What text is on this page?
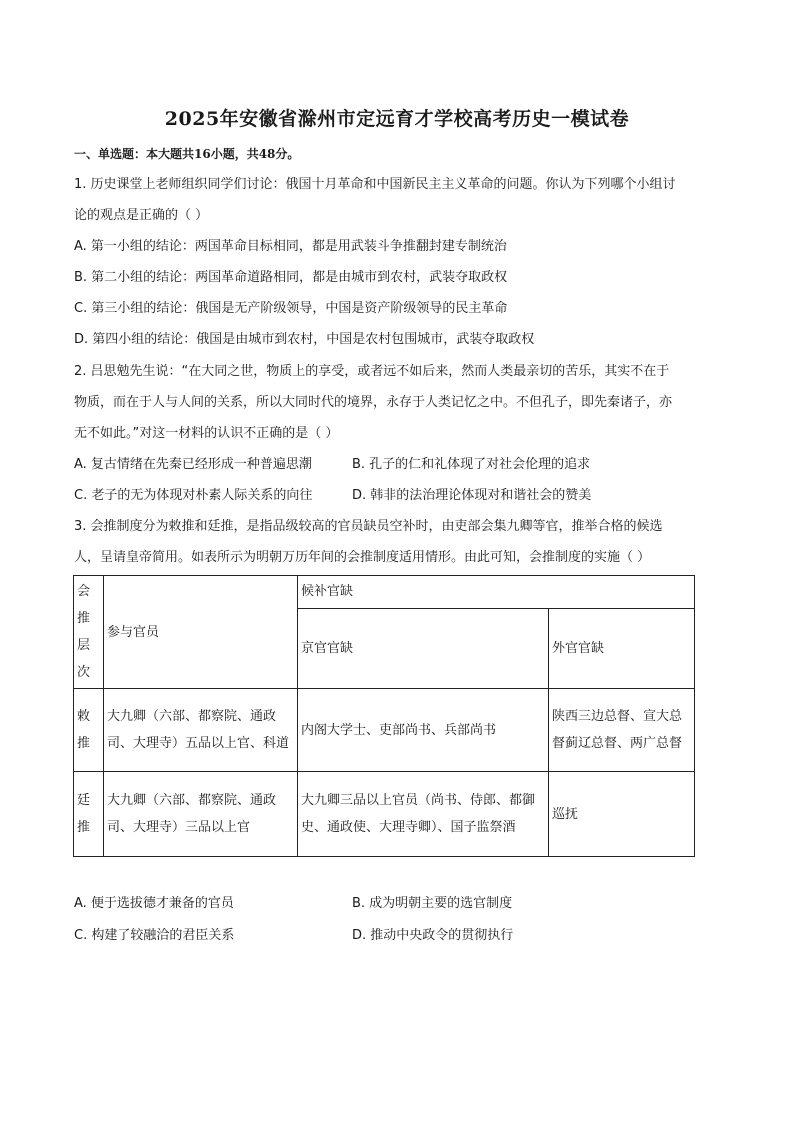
2025年安徽省滁州市定远育才学校高考历史一模试卷
一、单选题：本大题共16小题，共48分。
1. 历史课堂上老师组织同学们讨论：俄国十月革命和中国新民主主义革命的问题。你认为下列哪个小组讨
论的观点是正确的（ ）
A. 第一小组的结论：两国革命目标相同，都是用武装斗争推翻封建专制统治
B. 第二小组的结论：两国革命道路相同，都是由城市到农村，武装夺取政权
C. 第三小组的结论：俄国是无产阶级领导，中国是资产阶级领导的民主革命
D. 第四小组的结论：俄国是由城市到农村，中国是农村包围城市，武装夺取政权
2. 吕思勉先生说：“在大同之世，物质上的享受，或者远不如后来，然而人类最亲切的苦乐，其实不在于
物质，而在于人与人间的关系，所以大同时代的境界，永存于人类记忆之中。不但孔子，即先秦诸子，亦
无不如此。”对这一材料的认识不正确的是（ ）
A. 复古情绪在先秦已经形成一种普遍思潮	B. 孔子的仁和礼体现了对社会伦理的追求
C. 老子的无为体现对朴素人际关系的向往	D. 韩非的法治理论体现对和谐社会的赞美
3. 会推制度分为敕推和廷推，是指品级较高的官员缺员空补时，由吏部会集九卿等官，推举合格的候选
人，呈请皇帝简用。如表所示为明朝万历年间的会推制度适用情形。由此可知，会推制度的实施（ ）
会推层次	参与官员	候补官缺	
		京官官缺	外官官缺
敕推	大九卿（六部、都察院、通政司、大理寺）五品以上官、科道	内阁大学士、吏部尚书、兵部尚书	陕西三边总督、宣大总督蓟辽总督、两广总督
廷推	大九卿（六部、都察院、通政司、大理寺）三品以上官	大九卿三品以上官员（尚书、侍郎、都御史、通政使、大理寺卿）、国子监祭酒	巡抚
A. 便于选拔德才兼备的官员	B. 成为明朝主要的选官制度
C. 构建了较融洽的君臣关系	D. 推动中央政令的贯彻执行
